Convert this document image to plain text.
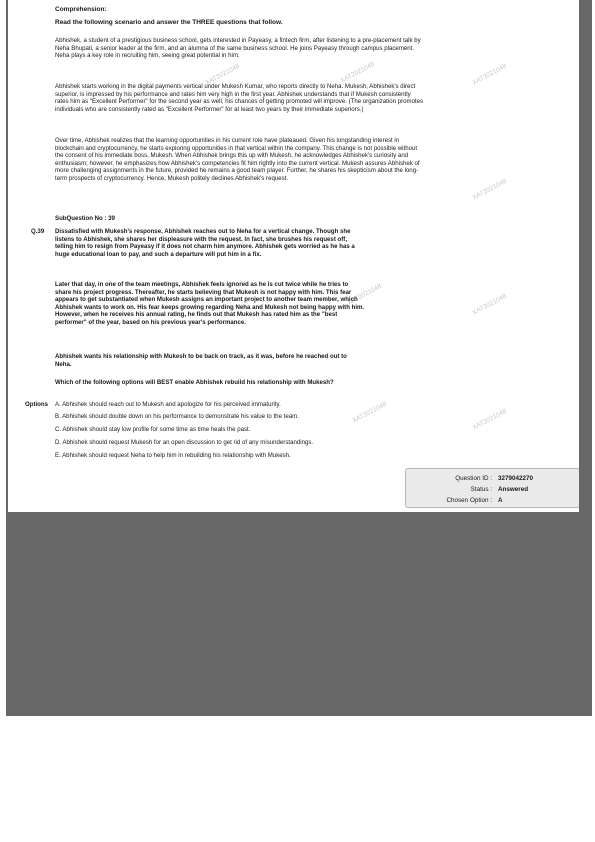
XAT2021048
XAT2021048
XAT2021048
XAT2021048
XAT2021048
XAT2021048
XAT2021048
XAT2021048
Comprehension:
Read the following scenario and answer the THREE questions that follow.
Abhishek, a student of a prestigious business school, gets interested in Payeasy, a fintech firm, after listening to a pre-placement talk by Neha Bhupati, a senior leader at the firm, and an alumna of the same business school. He joins Payeasy through campus placement. Neha plays a key role in recruiting him, seeing great potential in him.
Abhishek starts working in the digital payments vertical under Mukesh Kumar, who reports directly to Neha. Mukesh, Abhishek's direct superior, is impressed by his performance and rates him very high in the first year. Abhishek understands that if Mukesh consistently rates him as "Excellent Performer" for the second year as well, his chances of getting promoted will improve. (The organization promotes individuals who are consistently rated as "Excellent Performer" for at least two years by their immediate superiors.)
Over time, Abhishek realizes that the learning opportunities in his current role have plateaued. Given his longstanding interest in blockchain and cryptocurrency, he starts exploring opportunities in that vertical within the company. This change is not possible without the consent of his immediate boss, Mukesh. When Abhishek brings this up with Mukesh, he acknowledges Abhishek's curiosity and enthusiasm; however, he emphasizes how Abhishek's competencies fit him rightly into the current vertical. Mukesh assures Abhishek of more challenging assignments in the future, provided he remains a good team player. Further, he shares his skepticism about the long-term prospects of cryptocurrency. Hence, Mukesh politely declines Abhishek's request.
SubQuestion No : 39
Q.39 Dissatisfied with Mukesh's response, Abhishek reaches out to Neha for a vertical change. Though she listens to Abhishek, she shares her displeasure with the request. In fact, she brushes his request off, telling him to resign from Payeasy if it does not charm him anymore. Abhishek gets worried as he has a huge educational loan to pay, and such a departure will put him in a fix.
Later that day, in one of the team meetings, Abhishek feels ignored as he is cut twice while he tries to share his project progress. Thereafter, he starts believing that Mukesh is not happy with him. This fear appears to get substantiated when Mukesh assigns an important project to another team member, which Abhishek wants to work on. His fear keeps growing regarding Neha and Mukesh not being happy with him. However, when he receives his annual rating, he finds out that Mukesh has rated him as the "best performer" of the year, based on his previous year's performance.
Abhishek wants his relationship with Mukesh to be back on track, as it was, before he reached out to Neha.
Which of the following options will BEST enable Abhishek rebuild his relationship with Mukesh?
Options A. Abhishek should reach out to Mukesh and apologize for his perceived immaturity.
B. Abhishek should double down on his performance to demonstrate his value to the team.
C. Abhishek should stay low profile for some time as time heals the past.
D. Abhishek should request Mukesh for an open discussion to get rid of any misunderstandings.
E. Abhishek should request Neha to help him in rebuilding his relationship with Mukesh.
Question ID : 3279042270
Status : Answered
Chosen Option : A
